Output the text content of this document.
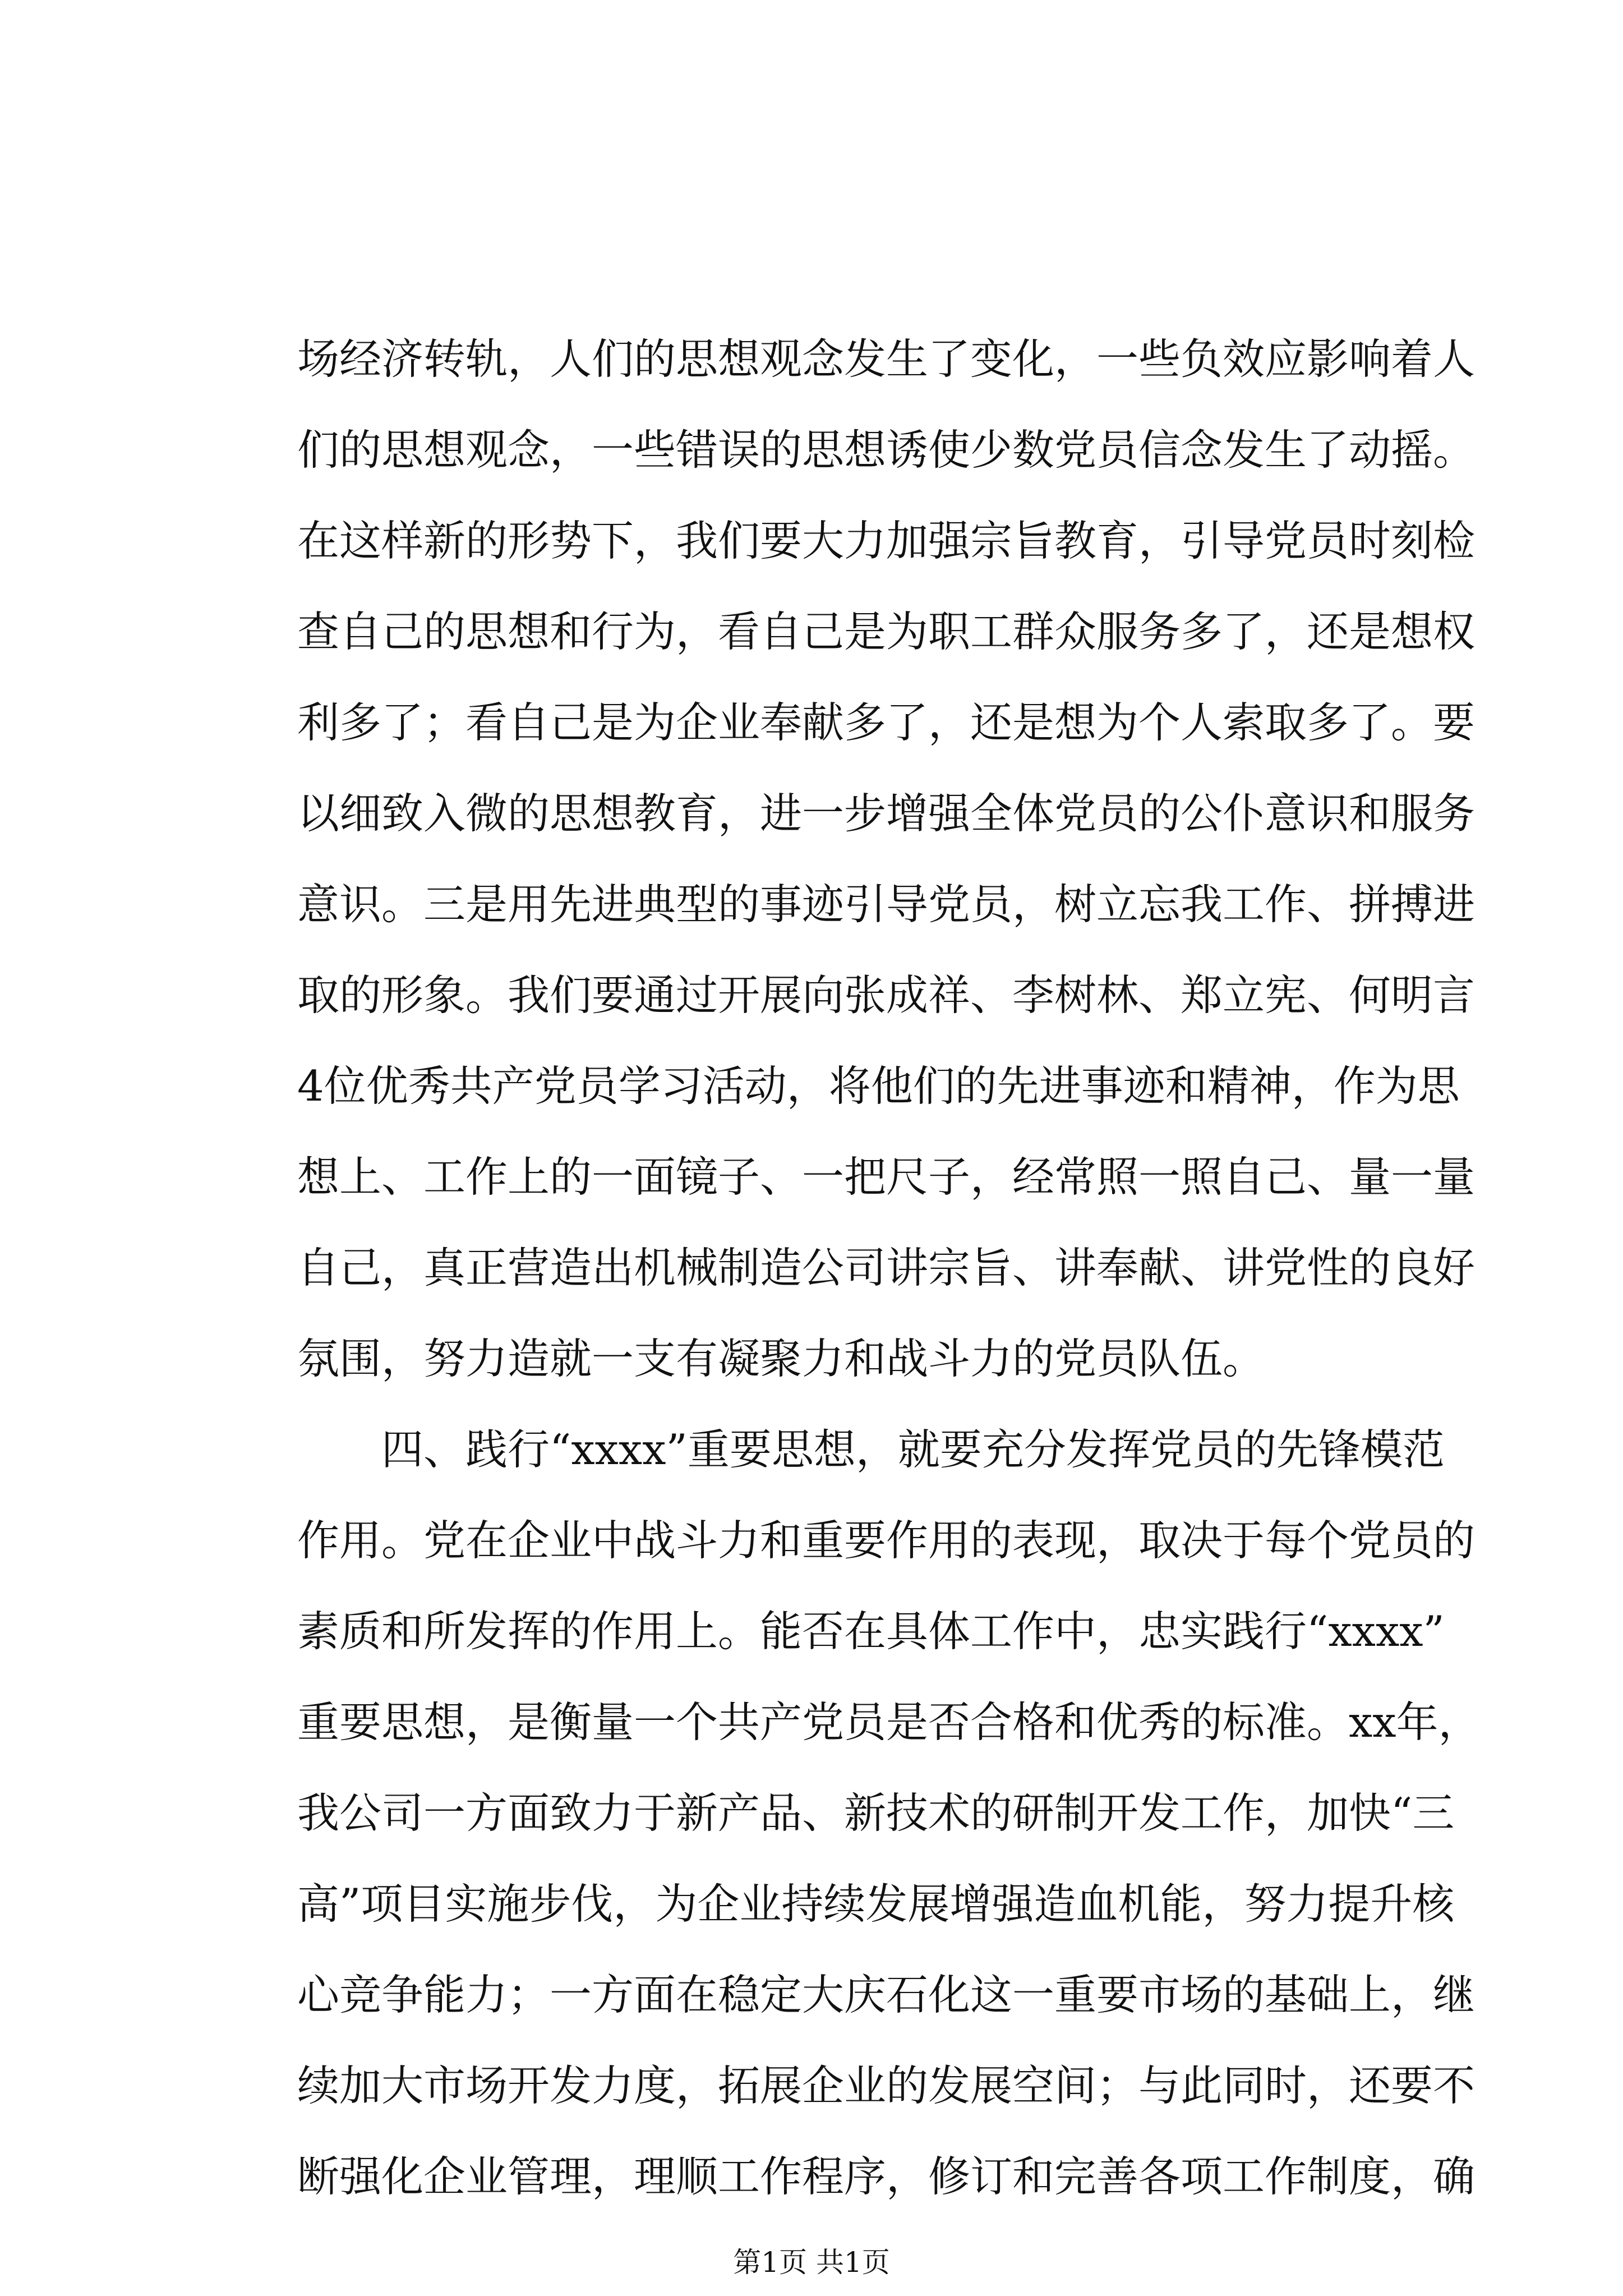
场经济转轨，人们的思想观念发生了变化，一些负效应影响着人
们的思想观念，一些错误的思想诱使少数党员信念发生了动摇。
在这样新的形势下，我们要大力加强宗旨教育，引导党员时刻检
查自己的思想和行为，看自己是为职工群众服务多了，还是想权
利多了；看自己是为企业奉献多了，还是想为个人索取多了。要
以细致入微的思想教育，进一步增强全体党员的公仆意识和服务
意识。三是用先进典型的事迹引导党员，树立忘我工作、拼搏进
取的形象。我们要通过开展向张成祥、李树林、郑立宪、何明言
4位优秀共产党员学习活动，将他们的先进事迹和精神，作为思
想上、工作上的一面镜子、一把尺子，经常照一照自己、量一量
自己，真正营造出机械制造公司讲宗旨、讲奉献、讲党性的良好
氛围，努力造就一支有凝聚力和战斗力的党员队伍。
　　四、践行“xxxx”重要思想，就要充分发挥党员的先锋模范
作用。党在企业中战斗力和重要作用的表现，取决于每个党员的
素质和所发挥的作用上。能否在具体工作中，忠实践行“xxxx”
重要思想，是衡量一个共产党员是否合格和优秀的标准。xx年，
我公司一方面致力于新产品、新技术的研制开发工作，加快“三
高”项目实施步伐，为企业持续发展增强造血机能，努力提升核
心竞争能力；一方面在稳定大庆石化这一重要市场的基础上，继
续加大市场开发力度，拓展企业的发展空间；与此同时，还要不
断强化企业管理，理顺工作程序，修订和完善各项工作制度，确
第1页 共1页
